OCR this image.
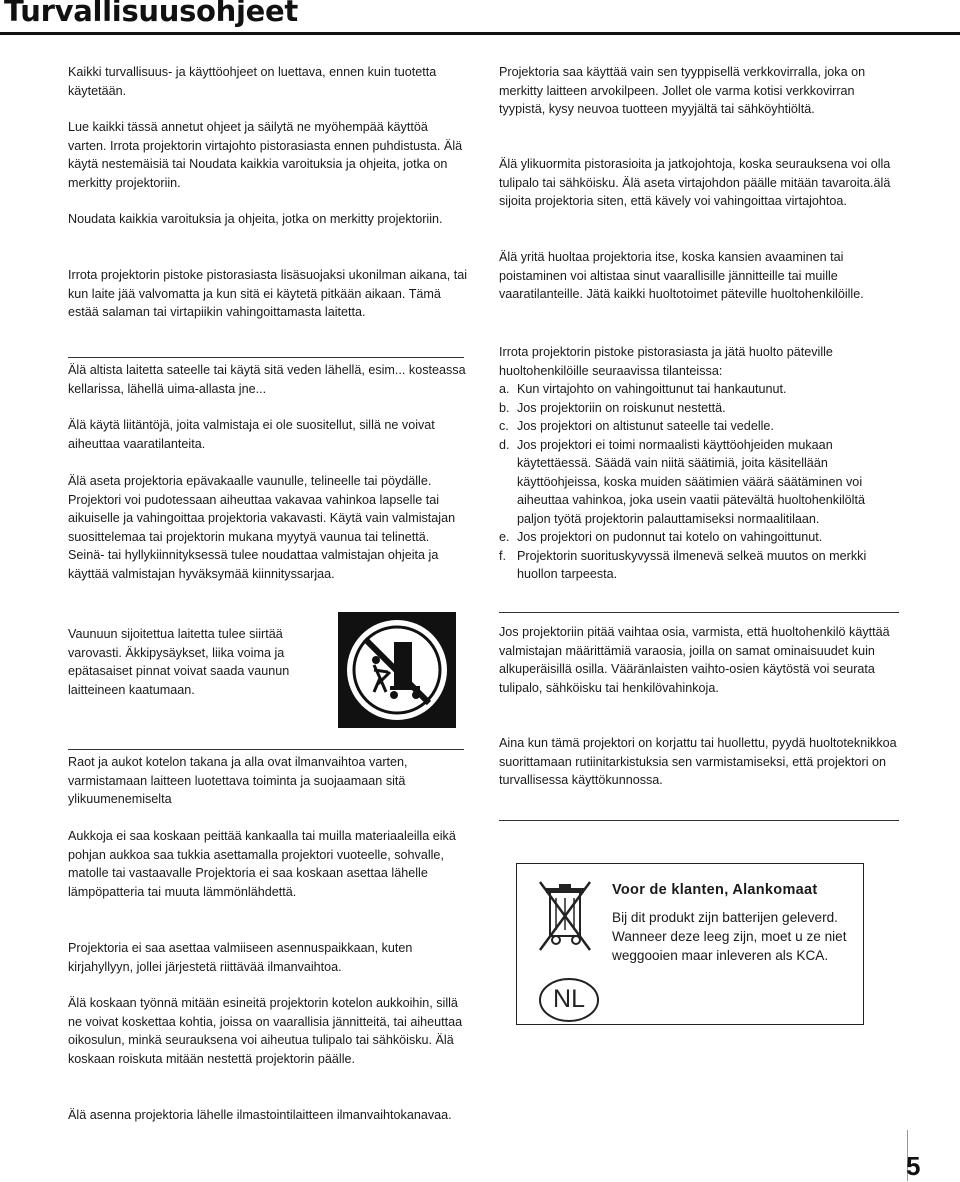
Turvallisuusohjeet

Kaikki turvallisuus- ja käyttöohjeet on luettava, ennen kuin tuotetta käytetään.

Lue kaikki tässä annetut ohjeet ja säilytä ne myöhempää käyttöä varten. Irrota projektorin virtajohto pistorasiasta ennen puhdistusta. Älä käytä nestemäisiä tai Noudata kaikkia varoituksia ja ohjeita, jotka on merkitty projektoriin.

Noudata kaikkia varoituksia ja ohjeita, jotka on merkitty projektoriin.

Irrota projektorin pistoke pistorasiasta lisäsuojaksi ukonilman aikana, tai kun laite jää valvomatta ja kun sitä ei käytetä pitkään aikaan. Tämä estää salaman tai virtapiikin vahingoittamasta laitetta.

Älä altista laitetta sateelle tai käytä sitä veden lähellä, esim... kosteassa kellarissa, lähellä uima-allasta jne...

Älä käytä liitäntöjä, joita valmistaja ei ole suositellut, sillä ne voivat aiheuttaa vaaratilanteita.

Älä aseta projektoria epävakaalle vaunulle, telineelle tai pöydälle. Projektori voi pudotessaan aiheuttaa vakavaa vahinkoa lapselle tai aikuiselle ja vahingoittaa projektoria vakavasti. Käytä vain valmistajan suosittelemaa tai projektorin mukana myytyä vaunua tai telinettä. Seinä- tai hyllykiinnityksessä tulee noudattaa valmistajan ohjeita ja käyttää valmistajan hyväksymää kiinnityssarjaa.

Vaunuun sijoitettua laitetta tulee siirtää varovasti. Äkkipysäykset, liika voima ja epätasaiset pinnat voivat saada vaunun laitteineen kaatumaan.

Raot ja aukot kotelon takana ja alla ovat ilmanvaihtoa varten, varmistamaan laitteen luotettava toiminta ja suojaamaan sitä ylikuumenemiselta

Aukkoja ei saa koskaan peittää kankaalla tai muilla materiaaleilla eikä pohjan aukkoa saa tukkia asettamalla projektori vuoteelle, sohvalle, matolle tai vastaavalle Projektoria ei saa koskaan asettaa lähelle lämpöpatteria tai muuta lämmönlähdettä.

Projektoria ei saa asettaa valmiiseen asennuspaikkaan, kuten kirjahyllyyn, jollei järjestetä riittävää ilmanvaihtoa.

Älä koskaan työnnä mitään esineitä projektorin kotelon aukkoihin, sillä ne voivat koskettaa kohtia, joissa on vaarallisia jännitteitä, tai aiheuttaa oikosulun, minkä seurauksena voi aiheutua tulipalo tai sähköisku. Älä koskaan roiskuta mitään nestettä projektorin päälle.

Älä asenna projektoria lähelle ilmastointilaitteen ilmanvaihtokanavaa.

Projektoria saa käyttää vain sen tyyppisellä verkkovirralla, joka on merkitty laitteen arvokilpeen. Jollet ole varma kotisi verkkovirran tyypistä, kysy neuvoa tuotteen myyjältä tai sähköyhtiöltä.

Älä ylikuormita pistorasioita ja jatkojohtoja, koska seurauksena voi olla tulipalo tai sähköisku. Älä aseta virtajohdon päälle mitään tavaroita.älä sijoita projektoria siten, että kävely voi vahingoittaa virtajohtoa.

Älä yritä huoltaa projektoria itse, koska kansien avaaminen tai poistaminen voi altistaa sinut vaarallisille jännitteille tai muille vaaratilanteille. Jätä kaikki huoltotoimet päteville huoltohenkilöille.

Irrota projektorin pistoke pistorasiasta ja jätä huolto päteville huoltohenkilöille seuraavissa tilanteissa:

a. Kun virtajohto on vahingoittunut tai hankautunut.
b. Jos projektoriin on roiskunut nestettä.
c. Jos projektori on altistunut sateelle tai vedelle.
d. Jos projektori ei toimi normaalisti käyttöohjeiden mukaan käytettäessä. Säädä vain niitä säätimiä, joita käsitellään käyttöohjeissa, koska muiden säätimien väärä säätäminen voi aiheuttaa vahinkoa, joka usein vaatii pätevältä huoltohenkilöltä paljon työtä projektorin palauttamiseksi normaalitilaan.
e. Jos projektori on pudonnut tai kotelo on vahingoittunut.
f. Projektorin suorituskyvyssä ilmenevä selkeä muutos on merkki huollon tarpeesta.

Jos projektoriin pitää vaihtaa osia, varmista, että huoltohenkilö käyttää valmistajan määrittämiä varaosia, joilla on samat ominaisuudet kuin alkuperäisillä osilla. Vääränlaisten vaihto-osien käytöstä voi seurata tulipalo, sähköisku tai henkilövahinkoja.

Aina kun tämä projektori on korjattu tai huollettu, pyydä huoltoteknikkoa suorittamaan rutiinitarkistuksia sen varmistamiseksi, että projektori on turvallisessa käyttökunnossa.

NL

Voor de klanten, Alankomaat

Bij dit produkt zijn batterijen geleverd. Wanneer deze leeg zijn, moet u ze niet weggooien maar inleveren als KCA.

5
